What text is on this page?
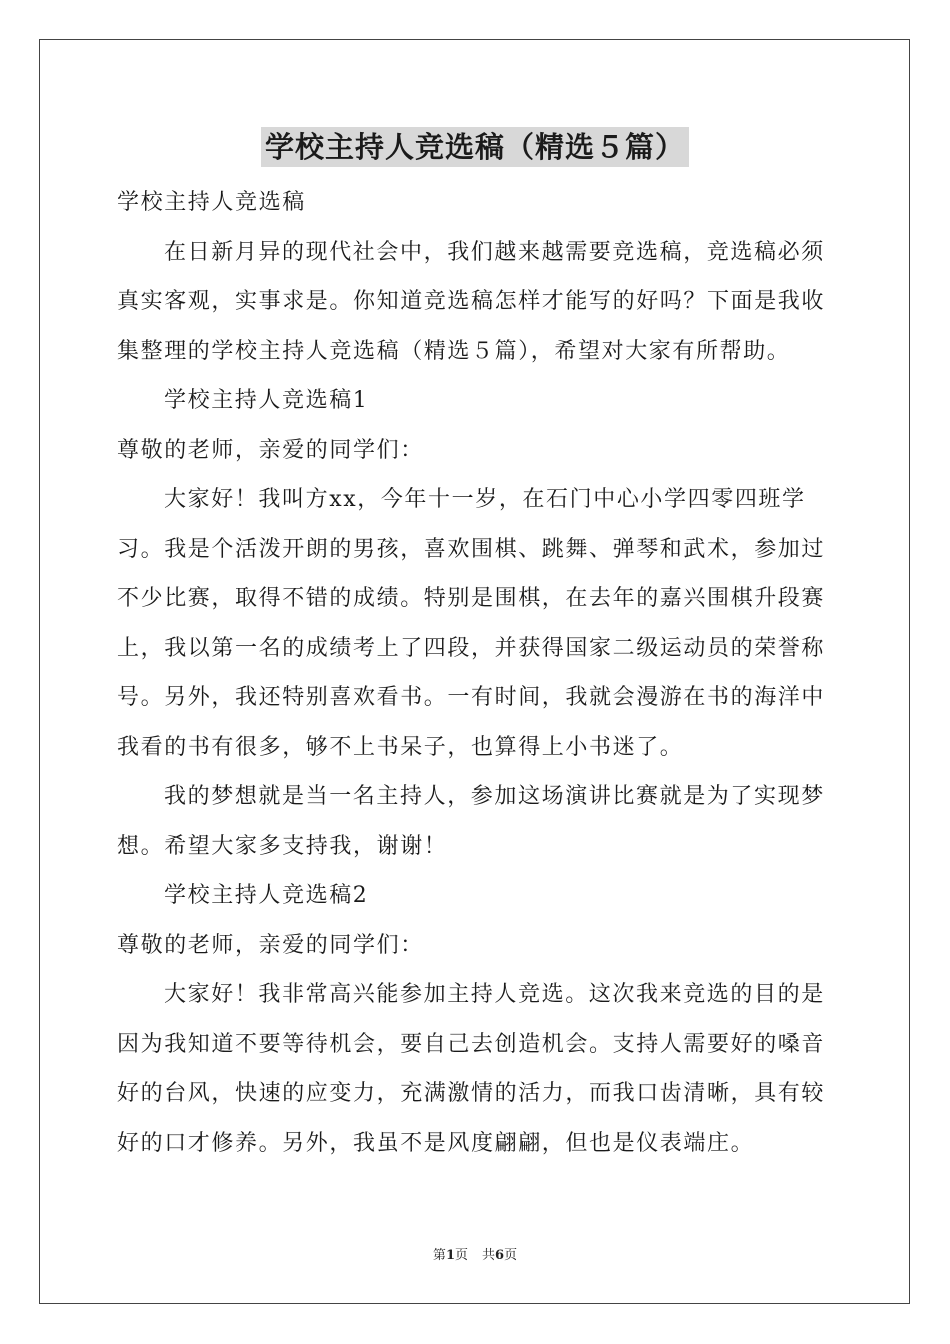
学校主持人竞选稿（精选５篇）
学校主持人竞选稿
在日新月异的现代社会中，我们越来越需要竞选稿，竞选稿必须
真实客观，实事求是。你知道竞选稿怎样才能写的好吗？下面是我收
集整理的学校主持人竞选稿（精选５篇），希望对大家有所帮助。
学校主持人竞选稿1
尊敬的老师，亲爱的同学们：
大家好！我叫方xx，今年十一岁，在石门中心小学四零四班学
习。我是个活泼开朗的男孩，喜欢围棋、跳舞、弹琴和武术，参加过
不少比赛，取得不错的成绩。特别是围棋，在去年的嘉兴围棋升段赛
上，我以第一名的成绩考上了四段，并获得国家二级运动员的荣誉称
号。另外，我还特别喜欢看书。一有时间，我就会漫游在书的海洋中
我看的书有很多，够不上书呆子，也算得上小书迷了。
我的梦想就是当一名主持人，参加这场演讲比赛就是为了实现梦
想。希望大家多支持我，谢谢！
学校主持人竞选稿2
尊敬的老师，亲爱的同学们：
大家好！我非常高兴能参加主持人竞选。这次我来竞选的目的是
因为我知道不要等待机会，要自己去创造机会。支持人需要好的嗓音
好的台风，快速的应变力，充满激情的活力，而我口齿清晰，具有较
好的口才修养。另外，我虽不是风度翩翩，但也是仪表端庄。
第1页 共6页
